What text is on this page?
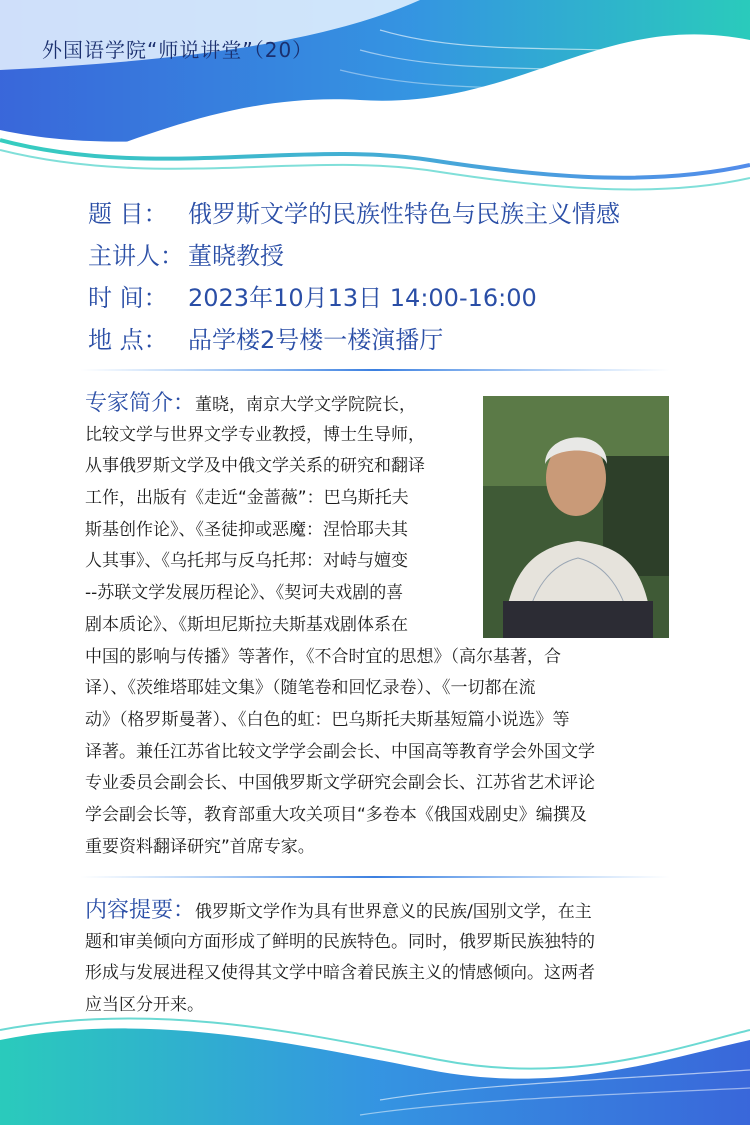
外国语学院“师说讲堂”（20）
题 目： 俄罗斯文学的民族性特色与民族主义情感
主讲人： 董晓教授
时 间： 2023年10月13日 14:00-16:00
地 点： 品学楼2号楼一楼演播厅
专家简介：董晓，南京大学文学院院长，
比较文学与世界文学专业教授，博士生导师，
从事俄罗斯文学及中俄文学关系的研究和翻译
工作，出版有《走近“金蔷薇”：巴乌斯托夫
斯基创作论》、《圣徒抑或恶魔：涅恰耶夫其
人其事》、《乌托邦与反乌托邦：对峙与嬗变
--苏联文学发展历程论》、《契诃夫戏剧的喜
剧本质论》、《斯坦尼斯拉夫斯基戏剧体系在
中国的影响与传播》等著作，《不合时宜的思想》（高尔基著，合
译）、《茨维塔耶娃文集》（随笔卷和回忆录卷）、《一切都在流
动》（格罗斯曼著）、《白色的虹：巴乌斯托夫斯基短篇小说选》等
译著。兼任江苏省比较文学学会副会长、中国高等教育学会外国文学
专业委员会副会长、中国俄罗斯文学研究会副会长、江苏省艺术评论
学会副会长等，教育部重大攻关项目“多卷本《俄国戏剧史》编撰及
重要资料翻译研究”首席专家。
内容提要：俄罗斯文学作为具有世界意义的民族/国别文学，在主
题和审美倾向方面形成了鲜明的民族特色。同时，俄罗斯民族独特的
形成与发展进程又使得其文学中暗含着民族主义的情感倾向。这两者
应当区分开来。
